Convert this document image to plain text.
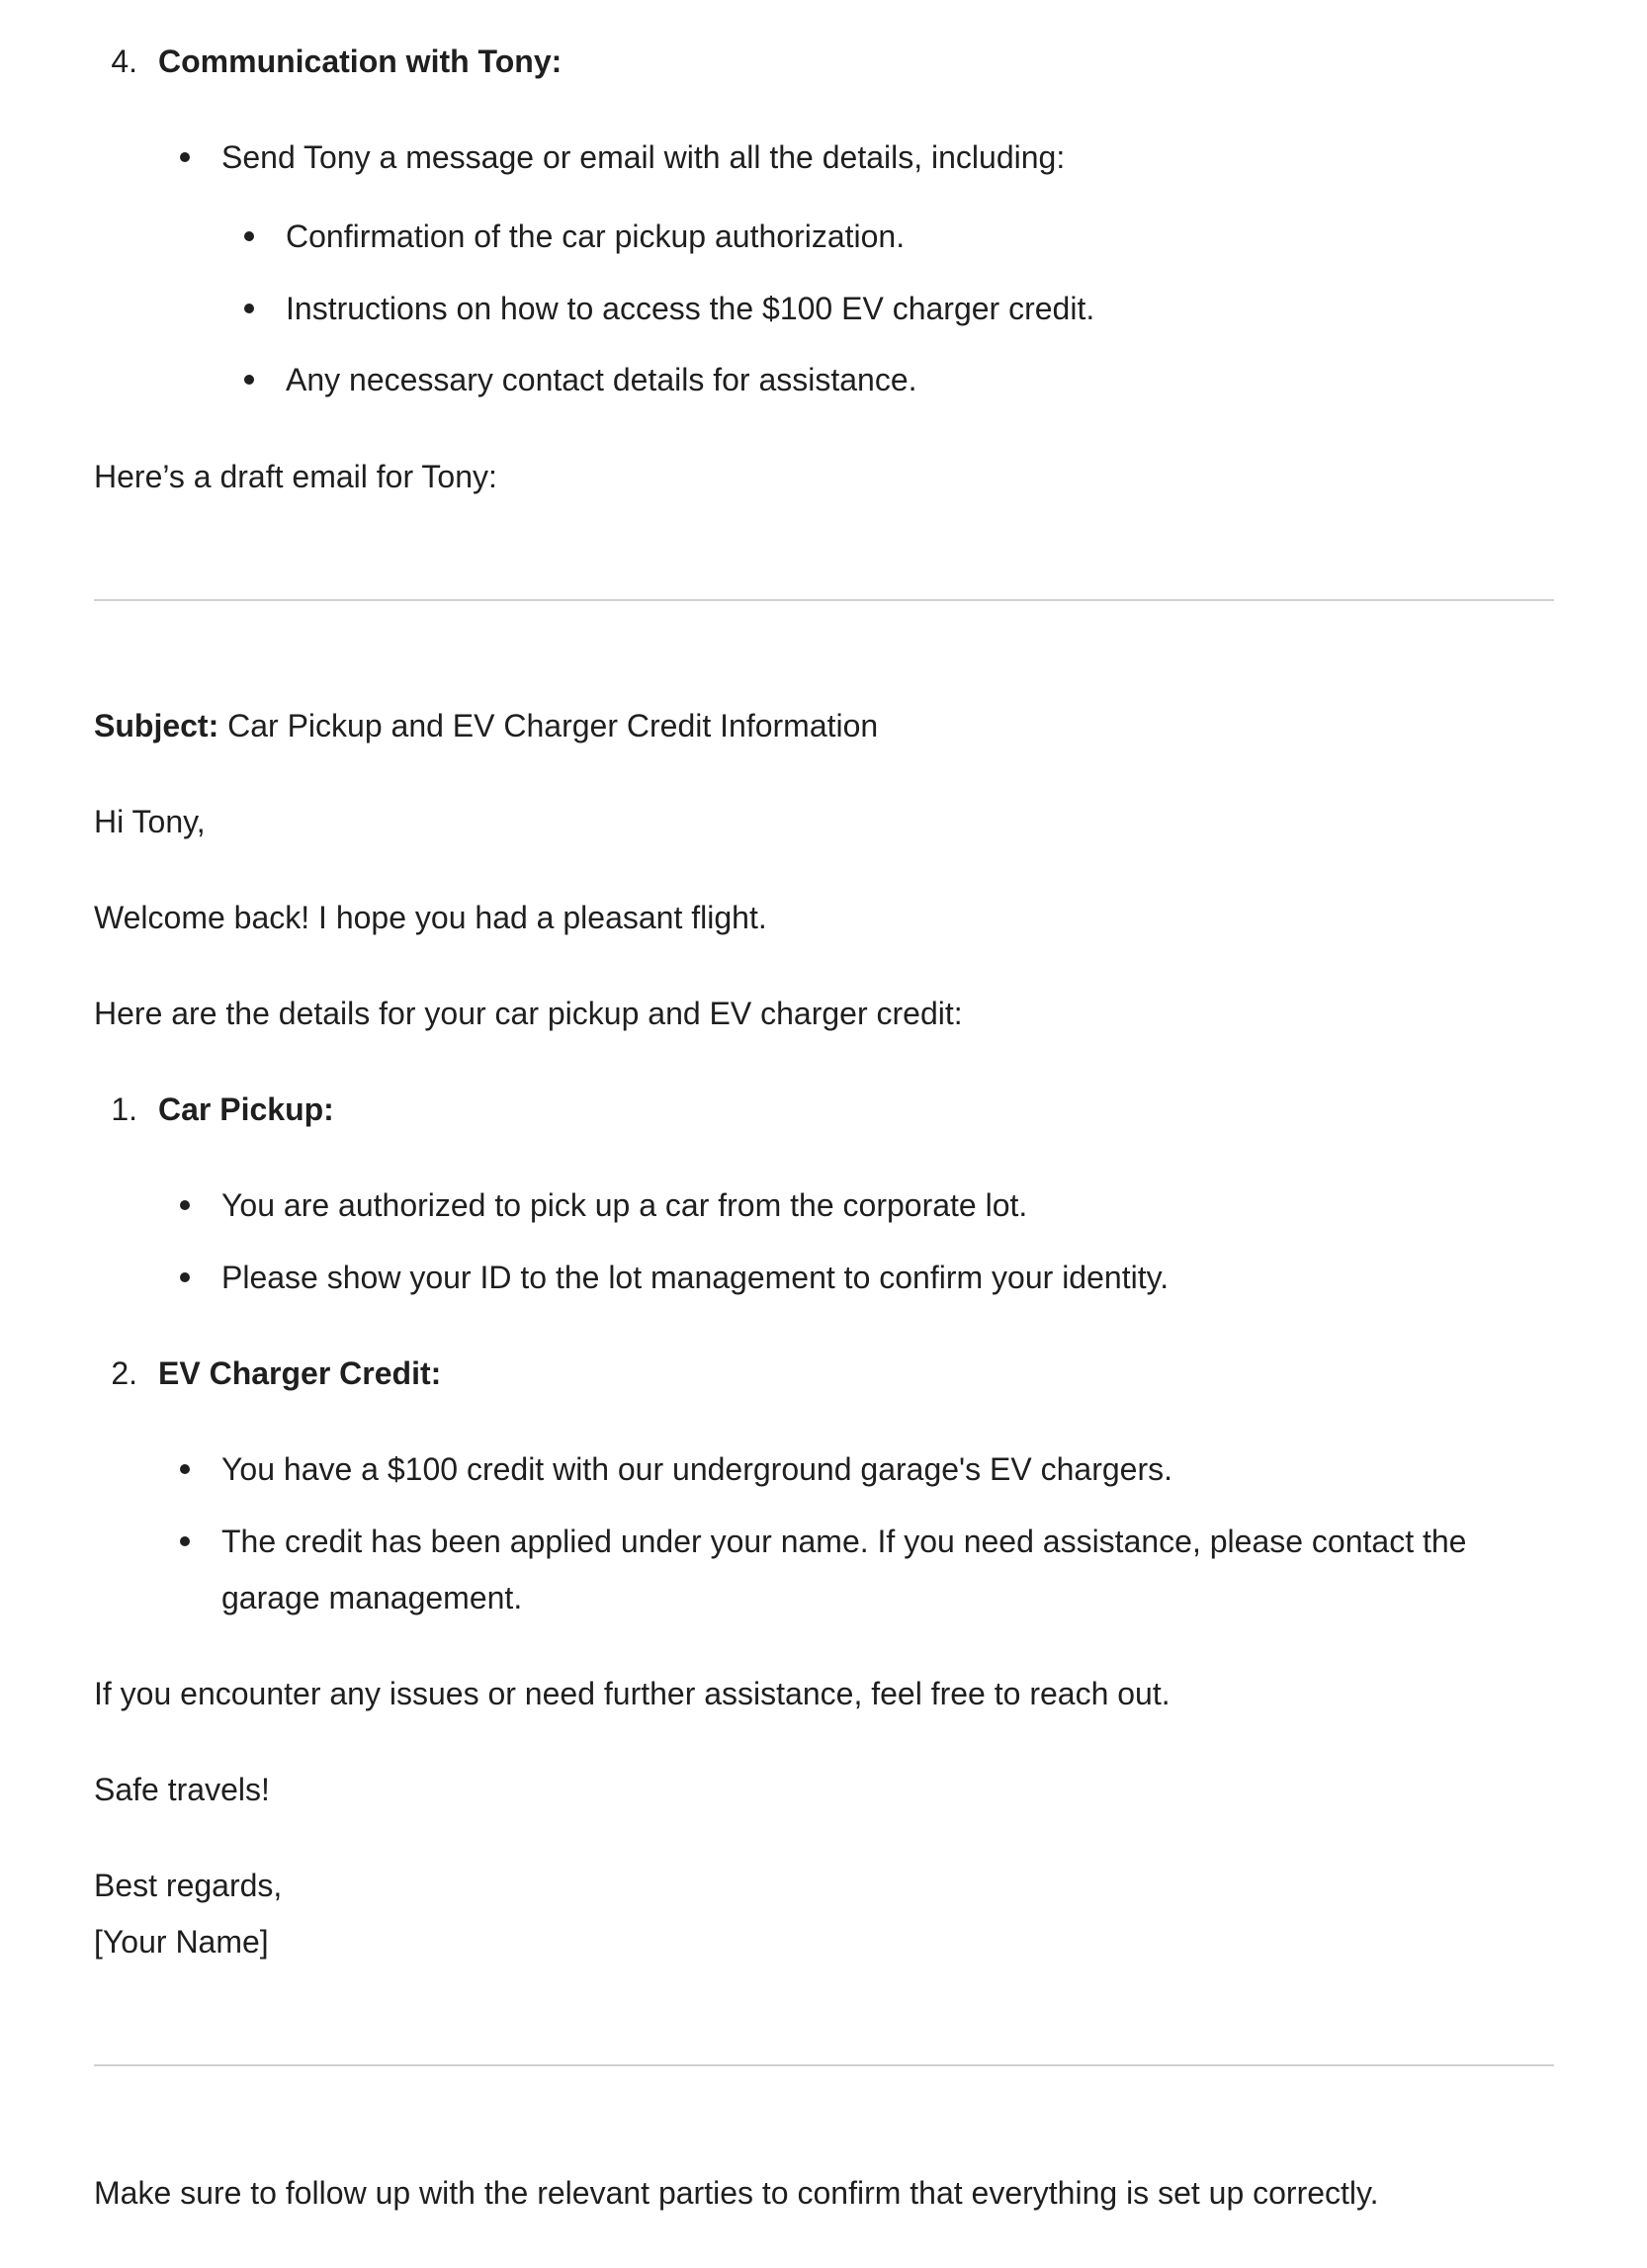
4. Communication with Tony:
Send Tony a message or email with all the details, including:
Confirmation of the car pickup authorization.
Instructions on how to access the $100 EV charger credit.
Any necessary contact details for assistance.
Here’s a draft email for Tony:
Subject: Car Pickup and EV Charger Credit Information
Hi Tony,
Welcome back! I hope you had a pleasant flight.
Here are the details for your car pickup and EV charger credit:
1. Car Pickup:
You are authorized to pick up a car from the corporate lot.
Please show your ID to the lot management to confirm your identity.
2. EV Charger Credit:
You have a $100 credit with our underground garage's EV chargers.
The credit has been applied under your name. If you need assistance, please contact the
garage management.
If you encounter any issues or need further assistance, feel free to reach out.
Safe travels!
Best regards,
[Your Name]
Make sure to follow up with the relevant parties to confirm that everything is set up correctly.
